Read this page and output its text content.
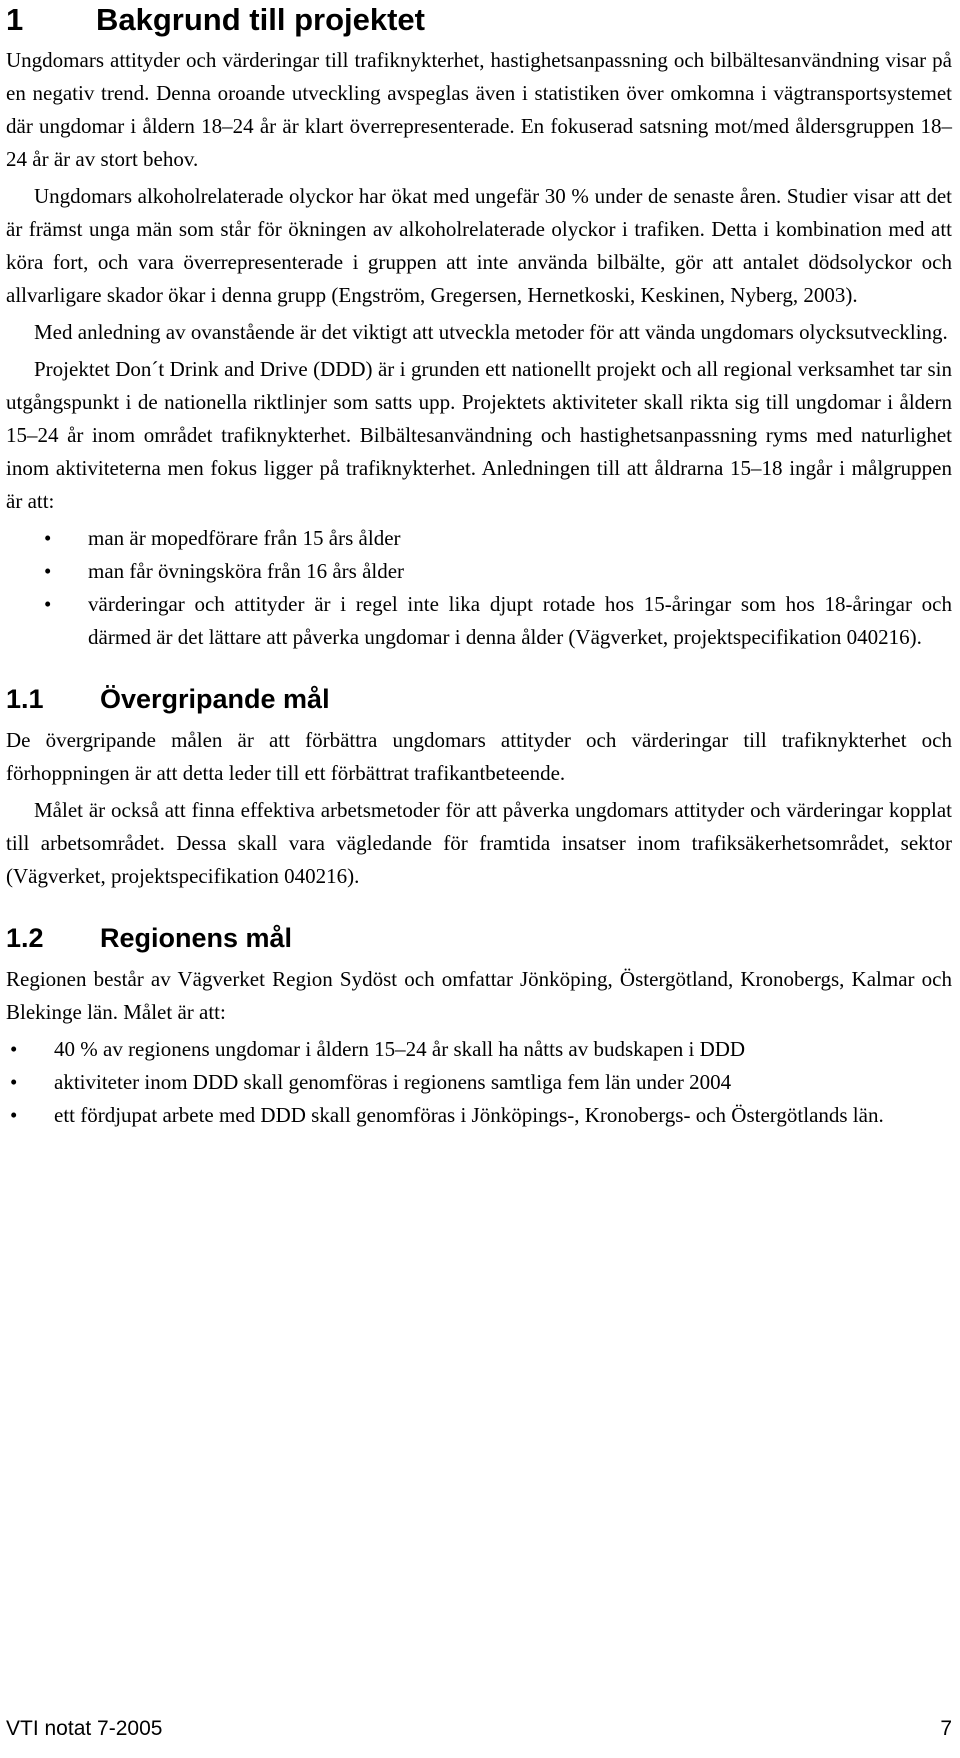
1	Bakgrund till projektet

Ungdomars attityder och värderingar till trafiknykterhet, hastighetsanpassning och bilbältesanvändning visar på en negativ trend. Denna oroande utveckling avspeglas även i statistiken över omkomna i vägtransportsystemet där ungdomar i åldern 18–24 år är klart överrepresenterade. En fokuserad satsning mot/med åldersgruppen 18–24 år är av stort behov.

Ungdomars alkoholrelaterade olyckor har ökat med ungefär 30 % under de senaste åren. Studier visar att det är främst unga män som står för ökningen av alkoholrelaterade olyckor i trafiken. Detta i kombination med att köra fort, och vara överrepresenterade i gruppen att inte använda bilbälte, gör att antalet dödsolyckor och allvarligare skador ökar i denna grupp (Engström, Gregersen, Hernetkoski, Keskinen, Nyberg, 2003).

Med anledning av ovanstående är det viktigt att utveckla metoder för att vända ungdomars olycksutveckling.

Projektet Don´t Drink and Drive (DDD) är i grunden ett nationellt projekt och all regional verksamhet tar sin utgångspunkt i de nationella riktlinjer som satts upp. Projektets aktiviteter skall rikta sig till ungdomar i åldern 15–24 år inom området trafiknykterhet. Bilbältesanvändning och hastighetsanpassning ryms med naturlighet inom aktiviteterna men fokus ligger på trafiknykterhet. Anledningen till att åldrarna 15–18 ingår i målgruppen är att:

• man är mopedförare från 15 års ålder
• man får övningsköra från 16 års ålder
• värderingar och attityder är i regel inte lika djupt rotade hos 15-åringar som hos 18-åringar och därmed är det lättare att påverka ungdomar i denna ålder (Vägverket, projektspecifikation 040216).
1.1	Övergripande mål

De övergripande målen är att förbättra ungdomars attityder och värderingar till trafiknykterhet och förhoppningen är att detta leder till ett förbättrat trafikantbeteende.

Målet är också att finna effektiva arbetsmetoder för att påverka ungdomars attityder och värderingar kopplat till arbetsområdet. Dessa skall vara vägledande för framtida insatser inom trafiksäkerhetsområdet, sektor (Vägverket, projektspecifikation 040216).

1.2	Regionens mål

Regionen består av Vägverket Region Sydöst och omfattar Jönköping, Östergötland, Kronobergs, Kalmar och Blekinge län. Målet är att:

• 40 % av regionens ungdomar i åldern 15–24 år skall ha nåtts av budskapen i DDD
• aktiviteter inom DDD skall genomföras i regionens samtliga fem län under 2004
• ett fördjupat arbete med DDD skall genomföras i Jönköpings-, Kronobergs- och Östergötlands län.
VTI notat 7-2005	7
